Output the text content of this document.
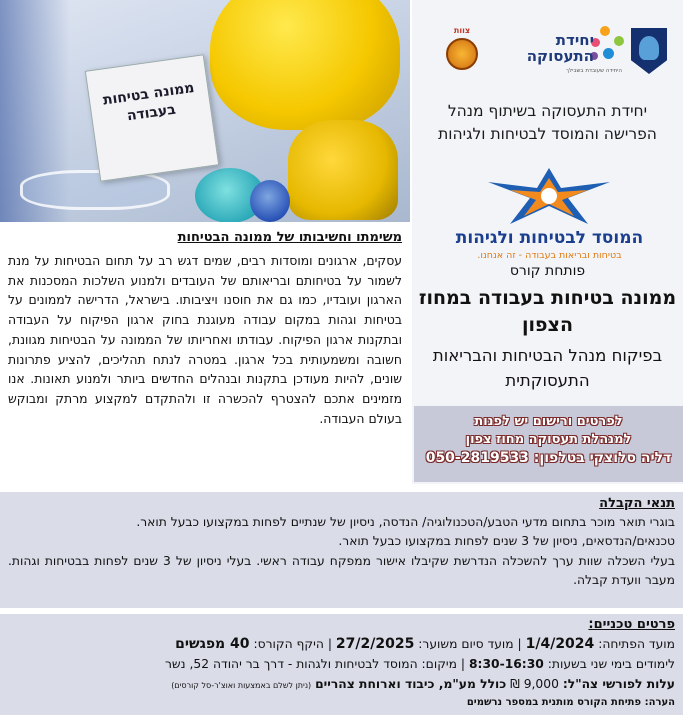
ממונה בטיחות בעבודה
משימתו וחשיבותו של ממונה הבטיחות

עסקים, ארגונים ומוסדות רבים, שמים דגש רב על תחום הבטיחות על מנת לשמור על בטיחותם ובריאותם של העובדים ולמנוע השלכות המסכנות את הארגון ועובדיו, כמו גם את חוסנו ויציבותו. בישראל, הדרישה לממונים על בטיחות וגהות במקום עבודה מעוגנת בחוק ארגון הפיקוח על העבודה ובתקנות ארגון הפיקוח. עבודתו ואחריותו של הממונה על הבטיחות מגוונת, חשובה ומשמעותית בכל ארגון. במטרה לנתח תהליכים, להציע פתרונות שונים, להיות מעודכן בתקנות ובנהלים החדשים ביותר ולמנוע תאונות. אנו מזמינים אתכם להצטרף להכשרה זו ולהתקדם למקצוע מרתק ומבוקש בעולם העבודה.

יחידת התעסוקה
היחידה שעובדת בשבילך
צוות
יחידת התעסוקה בשיתוף מנהל הפרישה והמוסד לבטיחות ולגיהות
המוסד לבטיחות ולגיהות
בטיחות ובריאות בעבודה - זה אנחנו.
פותחת קורס
ממונה בטיחות בעבודה במחוז הצפון
בפיקוח מנהל הבטיחות והבריאות התעסוקתית
לפרטים ורישום יש לפנות
למנהלת תעסוקה מחוז צפון
דליה סלוצקי בטלפון: 050-2819533
תנאי הקבלה

בוגרי תואר מוכר בתחום מדעי הטבע/הטכנולוגיה/ הנדסה, ניסיון של שנתיים לפחות במקצועו כבעל תואר.

טכנאים/הנדסאים, ניסיון של 3 שנים לפחות במקצועו כבעל תואר.

בעלי השכלה שוות ערך להשכלה הנדרשת שקיבלו אישור ממפקח עבודה ראשי. בעלי ניסיון של 3 שנים לפחות בבטיחות וגהות. מעבר וועדת קבלה.

פרטים טכניים:
מועד הפתיחה: 1/4/2024 | מועד סיום משוער: 27/2/2025 | היקף הקורס: 40 מפגשים
לימודים בימי שני בשעות: 8:30-16:30 | מיקום: המוסד לבטיחות ולגהות - דרך בר יהודה 52, נשר
עלות לפורשי צה"ל: 9,000 ₪ כולל מע"מ, כיבוד וארוחת צהריים (ניתן לשלם באמצעות ואוצ'ר-סל קורסים)
הערה: פתיחת הקורס מותנית במספר נרשמים
